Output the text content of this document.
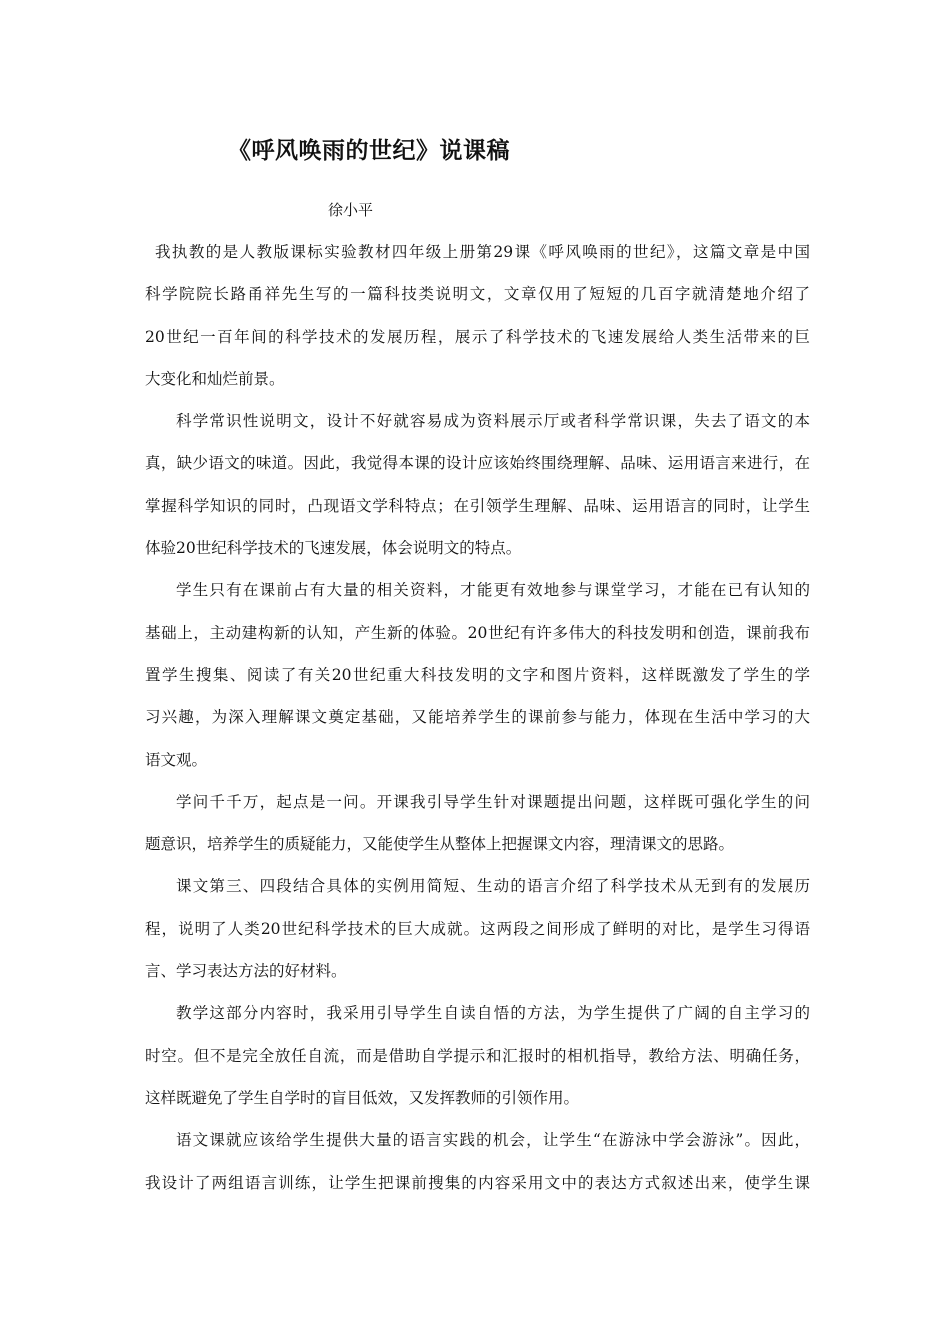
《呼风唤雨的世纪》说课稿
徐小平
我执教的是人教版课标实验教材四年级上册第29课《呼风唤雨的世纪》，这篇文章是中国
科学院院长路甬祥先生写的一篇科技类说明文，文章仅用了短短的几百字就清楚地介绍了
20世纪一百年间的科学技术的发展历程，展示了科学技术的飞速发展给人类生活带来的巨
大变化和灿烂前景。
科学常识性说明文，设计不好就容易成为资料展示厅或者科学常识课，失去了语文的本
真，缺少语文的味道。因此，我觉得本课的设计应该始终围绕理解、品味、运用语言来进行，在
掌握科学知识的同时，凸现语文学科特点；在引领学生理解、品味、运用语言的同时，让学生
体验20世纪科学技术的飞速发展，体会说明文的特点。
学生只有在课前占有大量的相关资料，才能更有效地参与课堂学习，才能在已有认知的
基础上，主动建构新的认知，产生新的体验。20世纪有许多伟大的科技发明和创造，课前我布
置学生搜集、阅读了有关20世纪重大科技发明的文字和图片资料，这样既激发了学生的学
习兴趣，为深入理解课文奠定基础，又能培养学生的课前参与能力，体现在生活中学习的大
语文观。
学问千千万，起点是一问。开课我引导学生针对课题提出问题，这样既可强化学生的问
题意识，培养学生的质疑能力，又能使学生从整体上把握课文内容，理清课文的思路。
课文第三、四段结合具体的实例用简短、生动的语言介绍了科学技术从无到有的发展历
程，说明了人类20世纪科学技术的巨大成就。这两段之间形成了鲜明的对比，是学生习得语
言、学习表达方法的好材料。
教学这部分内容时，我采用引导学生自读自悟的方法，为学生提供了广阔的自主学习的
时空。但不是完全放任自流，而是借助自学提示和汇报时的相机指导，教给方法、明确任务，
这样既避免了学生自学时的盲目低效，又发挥教师的引领作用。
语文课就应该给学生提供大量的语言实践的机会，让学生“在游泳中学会游泳”。因此，
我设计了两组语言训练，让学生把课前搜集的内容采用文中的表达方式叙述出来，使学生课
